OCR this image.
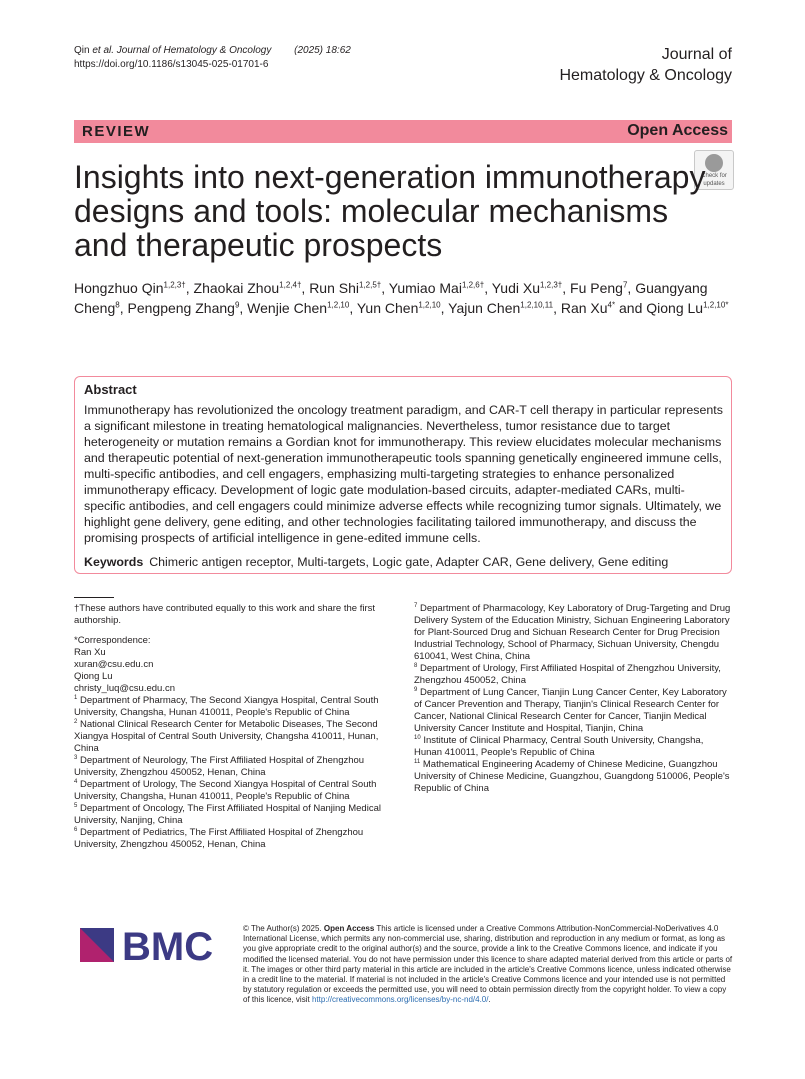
Qin et al. Journal of Hematology & Oncology (2025) 18:62
https://doi.org/10.1186/s13045-025-01701-6
Journal of
Hematology & Oncology
REVIEW	Open Access
Check for
updates
Insights into next-generation immunotherapy designs and tools: molecular mechanisms and therapeutic prospects
Hongzhuo Qin$^{1,2,3\dagger}$, Zhaokai Zhou$^{1,2,4\dagger}$, Run Shi$^{1,2,5\dagger}$, Yumiao Mai$^{1,2,6\dagger}$, Yudi $Xu^{1,2,3\dagger}$, Fu Peng$^7$, Guangyang Cheng$^8$, Pengpeng Zhang$^9$, Wenjie Chen$^{1,2,10}$, Yun Chen$^{1,2,10}$, Yajun Chen$^{1,2,10,11}$, Ran $Xu^{4*}$ and Qiong $Lu^{1,2,10*}$
Abstract
Immunotherapy has revolutionized the oncology treatment paradigm, and CAR-T cell therapy in particular represents a significant milestone in treating hematological malignancies. Nevertheless, tumor resistance due to target heterogeneity or mutation remains a Gordian knot for immunotherapy. This review elucidates molecular mechanisms and therapeutic potential of next-generation immunotherapeutic tools spanning genetically engineered immune cells, multi-specific antibodies, and cell engagers, emphasizing multi-targeting strategies to enhance personalized immunotherapy efficacy. Development of logic gate modulation-based circuits, adapter-mediated CARs, multi-specific antibodies, and cell engagers could minimize adverse effects while recognizing tumor signals. Ultimately, we highlight gene delivery, gene editing, and other technologies facilitating tailored immunotherapy, and discuss the promising prospects of artificial intelligence in gene-edited immune cells.
Keywords Chimeric antigen receptor, Multi-targets, Logic gate, Adapter CAR, Gene delivery, Gene editing

†These authors have contributed equally to this work and share the first authorship.

*Correspondence:

Ran Xu

xuran@csu.edu.cn

Qiong Lu

christy_luq@csu.edu.cn

$^1$ Department of Pharmacy, The Second Xiangya Hospital, Central South University, Changsha, Hunan 410011, People's Republic of China

$^2$ National Clinical Research Center for Metabolic Diseases, The Second Xiangya Hospital of Central South University, Changsha 410011, Hunan, China

$^3$ Department of Neurology, The First Affiliated Hospital of Zhengzhou University, Zhengzhou 450052, Henan, China

$^4$ Department of Urology, The Second Xiangya Hospital of Central South University, Changsha, Hunan 410011, People's Republic of China

$^5$ Department of Oncology, The First Affiliated Hospital of Nanjing Medical University, Nanjing, China

$^6$ Department of Pediatrics, The First Affiliated Hospital of Zhengzhou University, Zhengzhou 450052, Henan, China

$^7$ Department of Pharmacology, Key Laboratory of Drug-Targeting and Drug Delivery System of the Education Ministry, Sichuan Engineering Laboratory for Plant-Sourced Drug and Sichuan Research Center for Drug Precision Industrial Technology, School of Pharmacy, Sichuan University, Chengdu 610041, West China, China

$^8$ Department of Urology, First Affiliated Hospital of Zhengzhou University, Zhengzhou 450052, China

$^9$ Department of Lung Cancer, Tianjin Lung Cancer Center, Key Laboratory of Cancer Prevention and Therapy, Tianjin's Clinical Research Center for Cancer, National Clinical Research Center for Cancer, Tianjin Medical University Cancer Institute and Hospital, Tianjin, China

$^{10}$ Institute of Clinical Pharmacy, Central South University, Changsha, Hunan 410011, People's Republic of China

$^{11}$ Mathematical Engineering Academy of Chinese Medicine, Guangzhou University of Chinese Medicine, Guangzhou, Guangdong 510006, People's Republic of China

BMC	© The Author(s) 2025. Open Access This article is licensed under a Creative Commons Attribution-NonCommercial-NoDerivatives 4.0 International License, which permits any non-commercial use, sharing, distribution and reproduction in any medium or format, as long as you give appropriate credit to the original author(s) and the source, provide a link to the Creative Commons licence, and indicate if you modified the licensed material. You do not have permission under this licence to share adapted material derived from this article or parts of it. The images or other third party material in this article are included in the article's Creative Commons licence, unless indicated otherwise in a credit line to the material. If material is not included in the article's Creative Commons licence and your intended use is not permitted by statutory regulation or exceeds the permitted use, you will need to obtain permission directly from the copyright holder. To view a copy of this licence, visit http://creativecommons.org/licenses/by-nc-nd/4.0/.
